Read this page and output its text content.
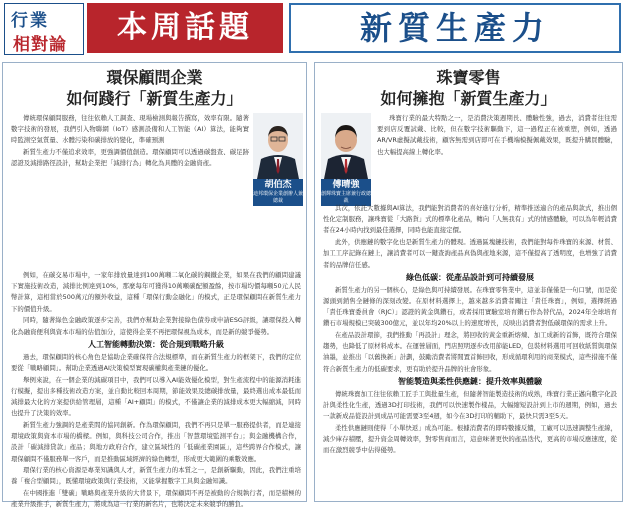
行業
相對論	本周話題	新質生產力
環保顧問企業
如何踐行「新質生產力」
胡伯杰
迪邦環保企業創辦人兼總裁

傳統環保顧問服務，往往依賴人工調查、現場檢測與報告撰寫，效率有限。隨著數字技術的發展，我們引入物聯網（IoT）感測設備和人工智能（AI）算法，能夠實時監測空氣質量、水體污染和碳排放的變化，準確預測

新質生產力不僅追求效率，更強調價值創造。環保顧問可以透過碳盤查、碳足跡認證及減排路徑設計，幫助企業把「減排行為」轉化為具體的金融資產。

例如，在碳交易市場中，一家年排放量達到100萬噸二氧化碳的鋼鐵企業，如果在我們的顧問建議下實施技術改造，減排比例達到10%，那麼每年可獲得10萬噸碳配額盈餘，按市場均價每噸50元人民幣計算，這相當於500萬元的額外收益，這種「環保行動金融化」的模式，正是環保顧問在新質生產力下的價值升級。

同時，隨著綠色金融政策逐步完善，我們亦幫助企業對接綠色債券或申請ESG評級，讓環保投入轉化為融資便利與資本市場的估值加分，這使得企業不再把環保視為成本，而是新的競爭優勢。

人工智能轉動決策：從合規到戰略升級

過去，環保顧問的核心角色是協助企業確保符合法規標準，而在新質生產力的框架下，我們的定位要從「戰略顧問」。幫助企業透過AI決策模型實現碳權與產業鏈的優化。

舉例來說，在一個企業的減碳項目中，我們可以導入AI能效優化模型，對生產流程中的能源消耗進行模擬，提出多種技術改造方案，並自動比較回本周期，節能效果及總碳排放量，最終選出成本最低而減排最大化的方案提供給管理層，這種「AI+顧問」的模式，不僅讓企業的減排成本更大幅縮減，同時也提升了決策的效率。

新質生產力強調的是產業間的協同創新。作為環保顧問，我們不再只是單一服務提供者，而是連接環境政策與資本市場的橋樑。例如，與科技公司合作，推出「智慧環境監測平台」；與金融機構合作，設計「碳減排貸款」產品；與地方政府合作，建立區域性的「低碳產業園區」，這些跨界合作模式，讓環保顧問不僅服務單一客戶，而是推動區域經濟的綠色轉型，形成更大範圍的乘數效應。

環保行業的核心資源是專業知識與人才，新質生產力的本質之一，是創新驅動，因此，我們注重培養「複合型顧問」，既懂環境政策與行業技術，又能掌握數字工具與金融知識。

在中國推進「雙碳」戰略與產業升級的大背景下，環保顧問不再是被動的合規執行者，而是積極的產業升級推手，新質生產力，將成為這一行業的新名片，也將決定未來競爭的勝負。

珠寶零售
如何擁抱「新質生產力」
傅晴強
創輝珠寶主席兼行政總裁

珠寶行業的最大特點之一，是消費決策週期長、體驗性強，過去，消費者往往需要到店反覆試戴、比較，但在數字技術驅動下，這一過程正在被重塑，例如，透過AR/VR虛擬試戴技術，顧客無需到店即可在手機端模擬佩戴效果，既提升購買體驗，也大幅提高線上轉化率。

其次，依託大數據與AI算法，我們能對消費者的喜好進行分析，精準推送適合的產品與款式，推出個性化定制服務，讓珠寶從「大路貨」式的標準化產品，轉向「人無我有」式的情感體驗，可以為年輕消費者在24小時內找到最佳選擇，同時也能直接定價。

此外，供應鏈的數字化也是新質生產力的體現。透過區塊鏈技術，我們能對每件珠寶的來源、材質、加工工序記錄在鏈上，讓消費者可以一鍵查詢產品真偽與產地來源，這不僅提高了透明度，也增強了消費者的品牌信任感。

綠色低碳：從產品設計到可持續發展

新質生產力的另一個核心，是綠色與可持續發展。在珠寶零售業中，這並非僅僅是一句口號，而是從源頭到銷售全鏈條的深刻改變。在原材料選擇上，越來越多消費者關注「責任珠寶」，例如，選擇經過「責任珠寶委員會（RJC）」認證的黃金與鑽石，或者採用實驗室培育鑽石作為替代品，2024年全球培育鑽石市場規模已突破300億元，並以年均20%以上的速度增長，反映出消費者對低碳環保的需求上升。

在產品設計環節，我們推動「再設計」理念，將回收的黃金重新熔煉、加工成新的首飾，既符合環保趨勢，也降低了原材料成本。在運營層面，門店照明逐步改用節能LED，包裝材料選用可回收紙質與環保油墨，並推出「以舊換新」計劃，鼓勵消費者將閒置首飾回收，形成循環利用的商業模式，這些措施不僅符合新質生產力的低碳要求，更有助於提升品牌的社會形象。

智能製造與柔性供應鏈：提升效率與體驗

傳統珠寶加工往往依賴工匠手工與批量生產，但隨著智能製造技術的成熟，珠寶行業正邁向數字化設計與柔性化生產，透過3D打印技術，我們可以快速製作樣品，大幅縮短設計到上市的週期，例如，過去一款新成品從設計到成品可能需要3至4週，如今在3D打印的輔助下，最快只需3至5天。

柔性供應鏈則使得「小單快返」成為可能。根據消費者的即時數據反饋，工廠可以迅速調整生產線，減少庫存積壓，提升資金周轉效率，對零售商而言，這意味著更快的產品迭代，更高的市場反應速度，從而在激烈競爭中佔得優勢。
